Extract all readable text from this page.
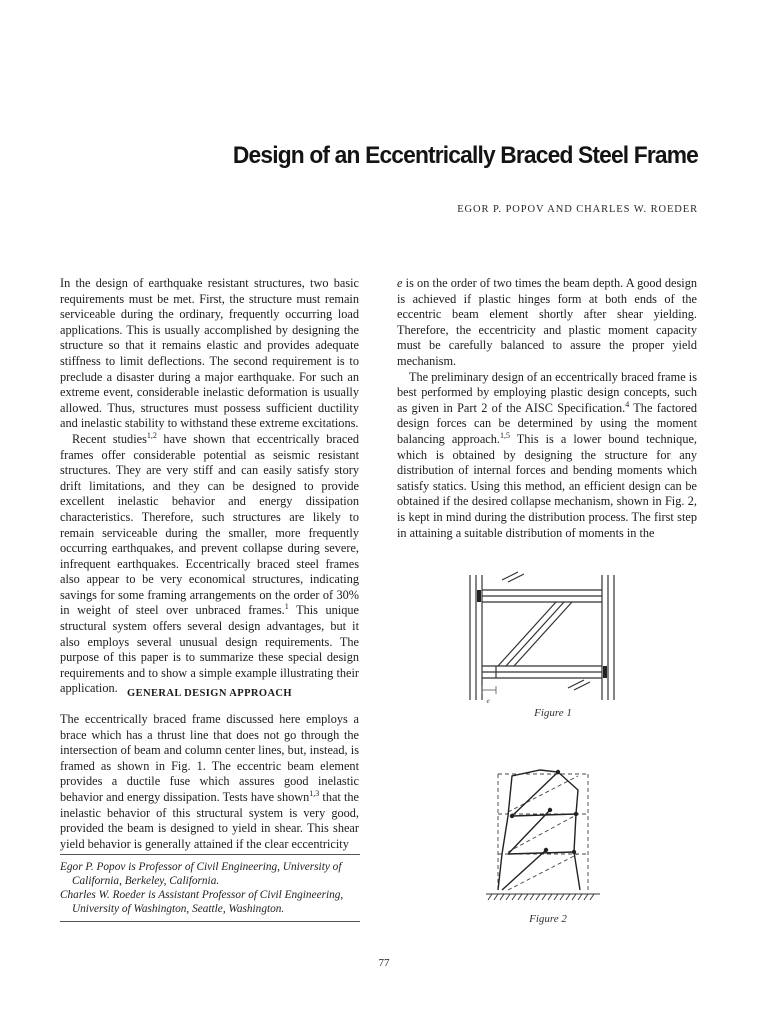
Design of an Eccentrically Braced Steel Frame
EGOR P. POPOV AND CHARLES W. ROEDER

In the design of earthquake resistant structures, two basic requirements must be met. First, the structure must remain serviceable during the ordinary, frequently occurring load applications. This is usually accomplished by designing the structure so that it remains elastic and provides adequate stiffness to limit deflections. The second requirement is to preclude a disaster during a major earthquake. For such an extreme event, considerable inelastic deformation is usually allowed. Thus, structures must possess sufficient ductility and inelastic stability to withstand these extreme excitations.

Recent studies$^{1,2}$ have shown that eccentrically braced frames offer considerable potential as seismic resistant structures. They are very stiff and can easily satisfy story drift limitations, and they can be designed to provide excellent inelastic behavior and energy dissipation characteristics. Therefore, such structures are likely to remain serviceable during the smaller, more frequently occurring earthquakes, and prevent collapse during severe, infrequent earthquakes. Eccentrically braced steel frames also appear to be very economical structures, indicating savings for some framing arrangements on the order of 30% in weight of steel over unbraced frames.$^1$ This unique structural system offers several design advantages, but it also employs several unusual design requirements. The purpose of this paper is to summarize these special design requirements and to show a simple example illustrating their application. GENERAL DESIGN APPROACH

The eccentrically braced frame discussed here employs a brace which has a thrust line that does not go through the intersection of beam and column center lines, but, instead, is framed as shown in Fig. 1. The eccentric beam element provides a ductile fuse which assures good inelastic behavior and energy dissipation. Tests have shown$^{1,3}$ that the inelastic behavior of this structural system is very good, provided the beam is designed to yield in shear. This shear yield behavior is generally attained if the clear eccentricity

Egor P. Popov is Professor of Civil Engineering, University of California, Berkeley, California.

Charles W. Roeder is Assistant Professor of Civil Engineering, University of Washington, Seattle, Washington.

e is on the order of two times the beam depth. A good design is achieved if plastic hinges form at both ends of the eccentric beam element shortly after shear yielding. Therefore, the eccentricity and plastic moment capacity must be carefully balanced to assure the proper yield mechanism.

The preliminary design of an eccentrically braced frame is best performed by employing plastic design concepts, such as given in Part 2 of the AISC Specification.$^4$ The factored design forces can be determined by using the moment balancing approach.$^{1,5}$ This is a lower bound technique, which is obtained by designing the structure for any distribution of internal forces and bending moments which satisfy statics. Using this method, an efficient design can be obtained if the desired collapse mechanism, shown in Fig. 2, is kept in mind during the distribution process. The first step in attaining a suitable distribution of moments in the

e
Figure 1
Figure 2
77
